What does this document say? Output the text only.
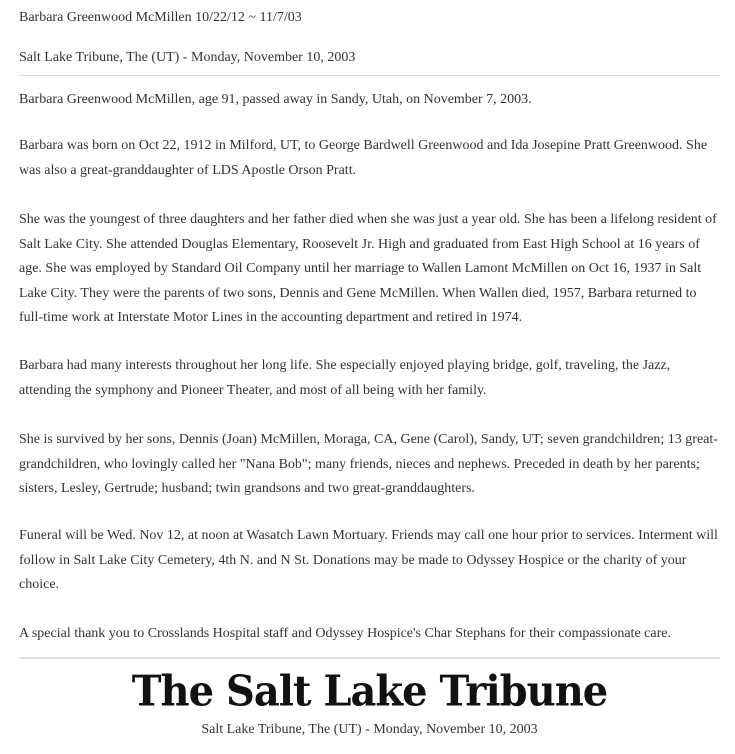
Barbara Greenwood McMillen 10/22/12 ~ 11/7/03
Salt Lake Tribune, The (UT) - Monday, November 10, 2003
Barbara Greenwood McMillen, age 91, passed away in Sandy, Utah, on November 7, 2003.
Barbara was born on Oct 22, 1912 in Milford, UT, to George Bardwell Greenwood and Ida Josepine Pratt Greenwood. She was also a great-granddaughter of LDS Apostle Orson Pratt.
She was the youngest of three daughters and her father died when she was just a year old. She has been a lifelong resident of Salt Lake City. She attended Douglas Elementary, Roosevelt Jr. High and graduated from East High School at 16 years of age. She was employed by Standard Oil Company until her marriage to Wallen Lamont McMillen on Oct 16, 1937 in Salt Lake City. They were the parents of two sons, Dennis and Gene McMillen. When Wallen died, 1957, Barbara returned to full-time work at Interstate Motor Lines in the accounting department and retired in 1974.
Barbara had many interests throughout her long life. She especially enjoyed playing bridge, golf, traveling, the Jazz, attending the symphony and Pioneer Theater, and most of all being with her family.
She is survived by her sons, Dennis (Joan) McMillen, Moraga, CA, Gene (Carol), Sandy, UT; seven grandchildren; 13 great-grandchildren, who lovingly called her "Nana Bob"; many friends, nieces and nephews. Preceded in death by her parents; sisters, Lesley, Gertrude; husband; twin grandsons and two great-granddaughters.
Funeral will be Wed. Nov 12, at noon at Wasatch Lawn Mortuary. Friends may call one hour prior to services. Interment will follow in Salt Lake City Cemetery, 4th N. and N St. Donations may be made to Odyssey Hospice or the charity of your choice.
A special thank you to Crosslands Hospital staff and Odyssey Hospice's Char Stephans for their compassionate care.
The Salt Lake Tribune
Salt Lake Tribune, The (UT) - Monday, November 10, 2003
